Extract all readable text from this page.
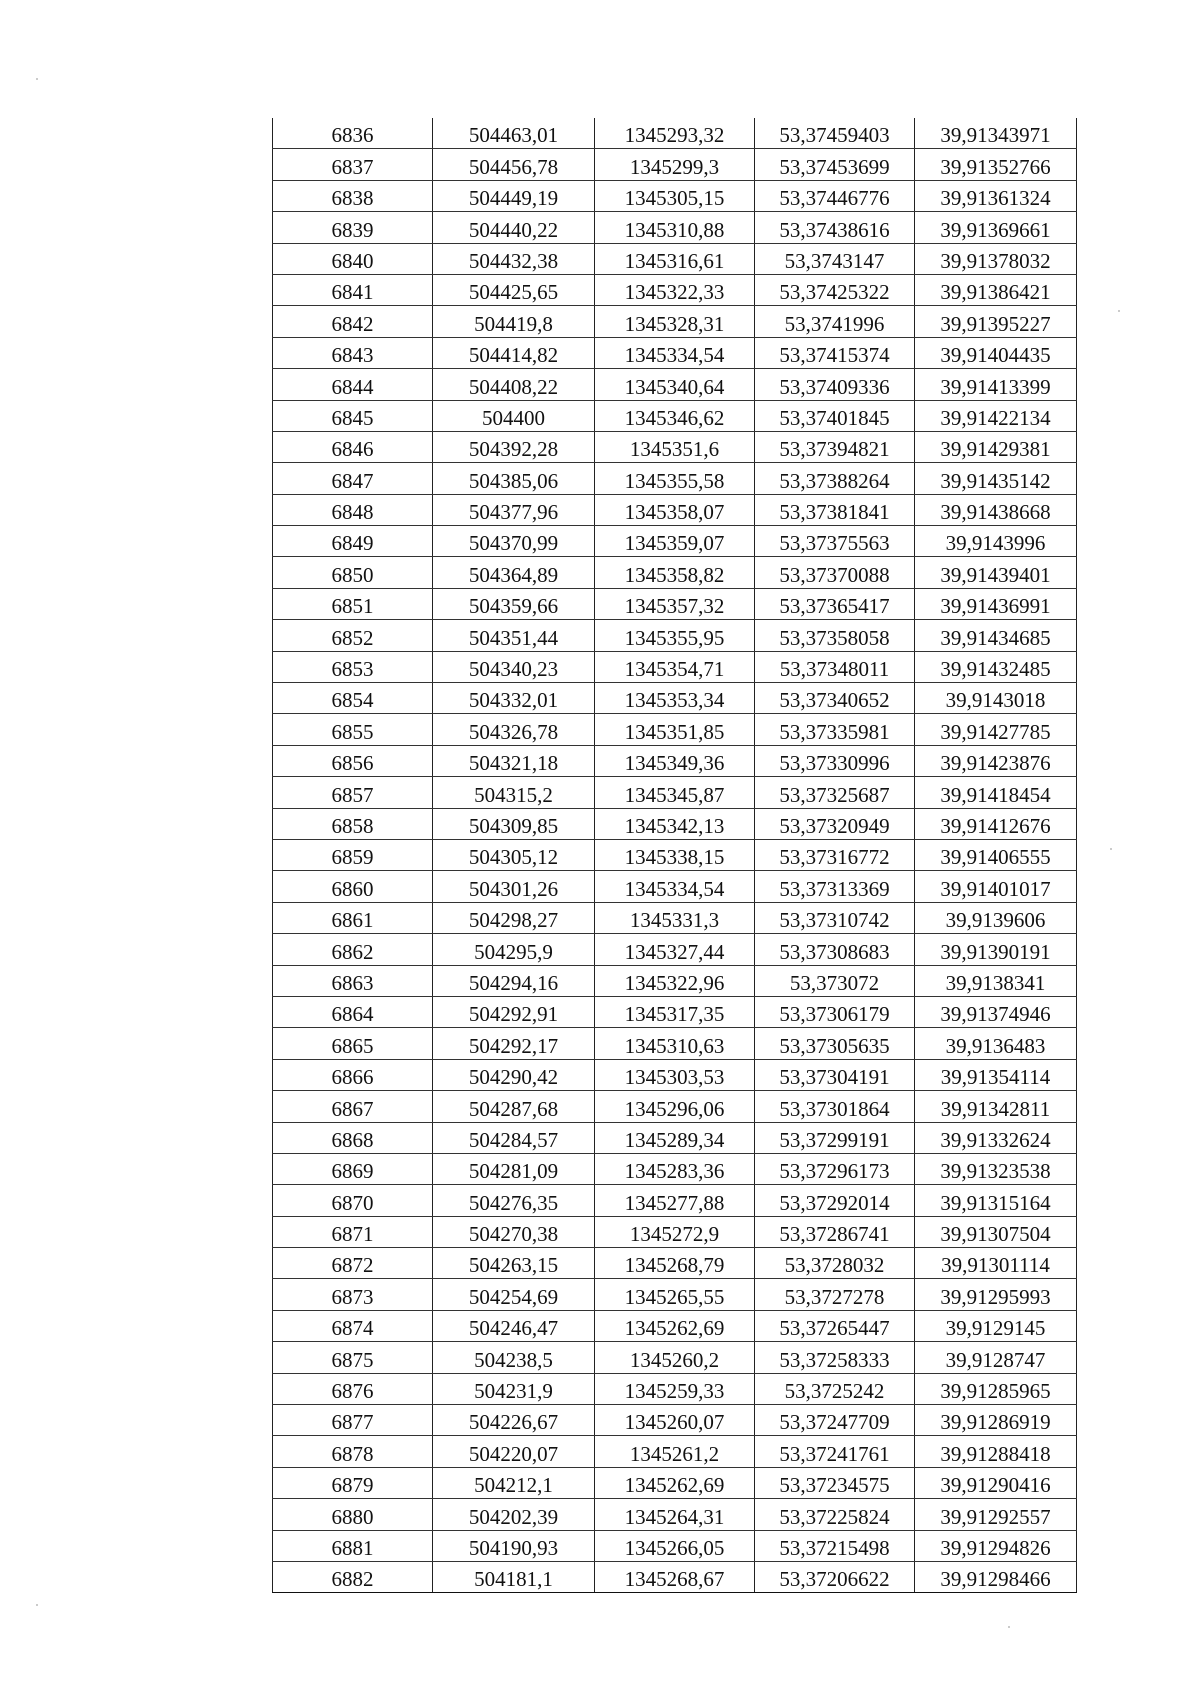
6836	504463,01	1345293,32	53,37459403	39,91343971
6837	504456,78	1345299,3	53,37453699	39,91352766
6838	504449,19	1345305,15	53,37446776	39,91361324
6839	504440,22	1345310,88	53,37438616	39,91369661
6840	504432,38	1345316,61	53,3743147	39,91378032
6841	504425,65	1345322,33	53,37425322	39,91386421
6842	504419,8	1345328,31	53,3741996	39,91395227
6843	504414,82	1345334,54	53,37415374	39,91404435
6844	504408,22	1345340,64	53,37409336	39,91413399
6845	504400	1345346,62	53,37401845	39,91422134
6846	504392,28	1345351,6	53,37394821	39,91429381
6847	504385,06	1345355,58	53,37388264	39,91435142
6848	504377,96	1345358,07	53,37381841	39,91438668
6849	504370,99	1345359,07	53,37375563	39,9143996
6850	504364,89	1345358,82	53,37370088	39,91439401
6851	504359,66	1345357,32	53,37365417	39,91436991
6852	504351,44	1345355,95	53,37358058	39,91434685
6853	504340,23	1345354,71	53,37348011	39,91432485
6854	504332,01	1345353,34	53,37340652	39,9143018
6855	504326,78	1345351,85	53,37335981	39,91427785
6856	504321,18	1345349,36	53,37330996	39,91423876
6857	504315,2	1345345,87	53,37325687	39,91418454
6858	504309,85	1345342,13	53,37320949	39,91412676
6859	504305,12	1345338,15	53,37316772	39,91406555
6860	504301,26	1345334,54	53,37313369	39,91401017
6861	504298,27	1345331,3	53,37310742	39,9139606
6862	504295,9	1345327,44	53,37308683	39,91390191
6863	504294,16	1345322,96	53,373072	39,9138341
6864	504292,91	1345317,35	53,37306179	39,91374946
6865	504292,17	1345310,63	53,37305635	39,9136483
6866	504290,42	1345303,53	53,37304191	39,91354114
6867	504287,68	1345296,06	53,37301864	39,91342811
6868	504284,57	1345289,34	53,37299191	39,91332624
6869	504281,09	1345283,36	53,37296173	39,91323538
6870	504276,35	1345277,88	53,37292014	39,91315164
6871	504270,38	1345272,9	53,37286741	39,91307504
6872	504263,15	1345268,79	53,3728032	39,91301114
6873	504254,69	1345265,55	53,3727278	39,91295993
6874	504246,47	1345262,69	53,37265447	39,9129145
6875	504238,5	1345260,2	53,37258333	39,9128747
6876	504231,9	1345259,33	53,3725242	39,91285965
6877	504226,67	1345260,07	53,37247709	39,91286919
6878	504220,07	1345261,2	53,37241761	39,91288418
6879	504212,1	1345262,69	53,37234575	39,91290416
6880	504202,39	1345264,31	53,37225824	39,91292557
6881	504190,93	1345266,05	53,37215498	39,91294826
6882	504181,1	1345268,67	53,37206622	39,91298466
